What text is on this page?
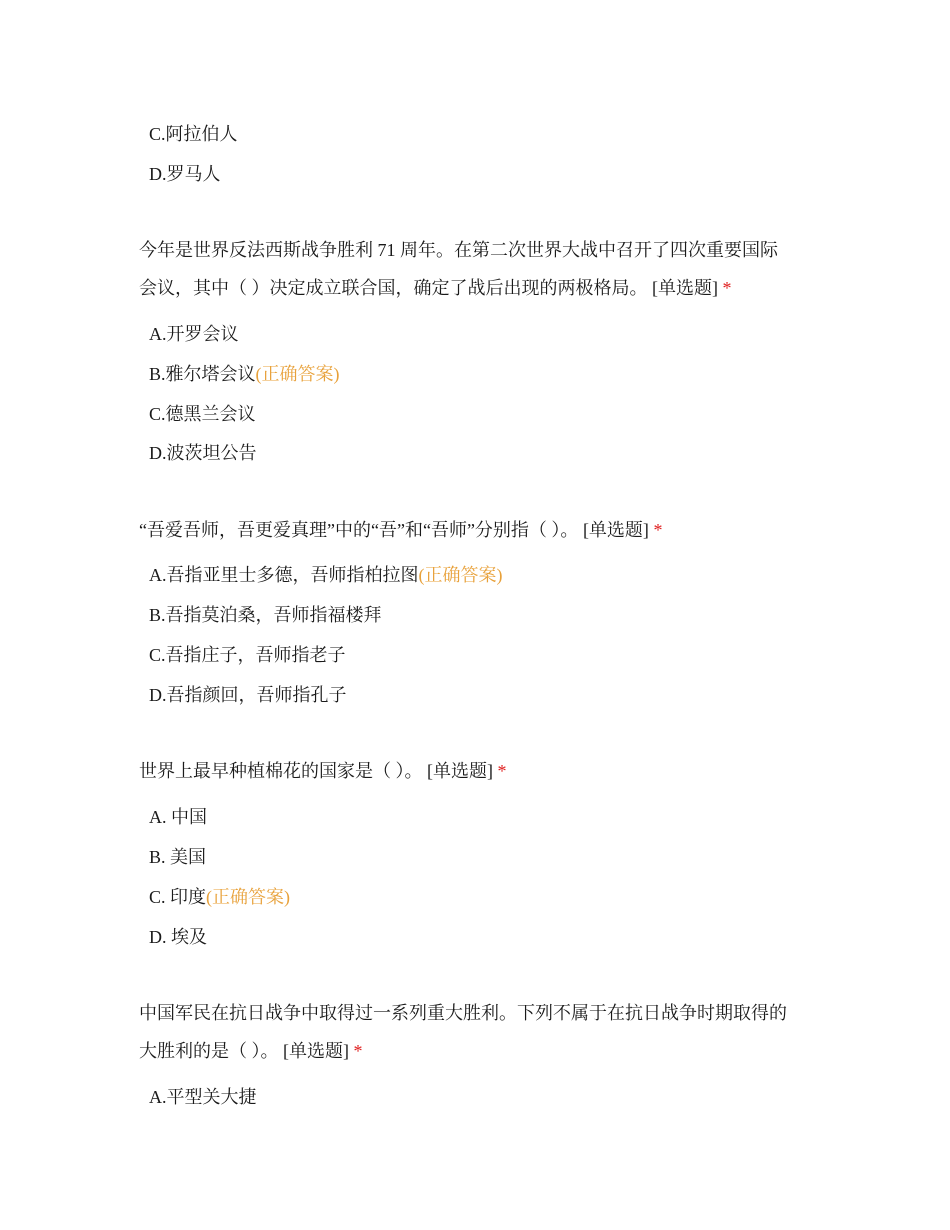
C.阿拉伯人
D.罗马人
今年是世界反法西斯战争胜利 71 周年。在第二次世界大战中召开了四次重要国际
会议，其中（ ）决定成立联合国，确定了战后出现的两极格局。 [单选题] *
A.开罗会议
B.雅尔塔会议(正确答案)
C.德黑兰会议
D.波茨坦公告
“吾爱吾师，吾更爱真理”中的“吾”和“吾师”分别指（ ）。 [单选题] *
A.吾指亚里士多德，吾师指柏拉图(正确答案)
B.吾指莫泊桑，吾师指福楼拜
C.吾指庄子，吾师指老子
D.吾指颜回，吾师指孔子
世界上最早种植棉花的国家是（ ）。 [单选题] *
A. 中国
B. 美国
C. 印度(正确答案)
D. 埃及
中国军民在抗日战争中取得过一系列重大胜利。下列不属于在抗日战争时期取得的
大胜利的是（ ）。 [单选题] *
A.平型关大捷
